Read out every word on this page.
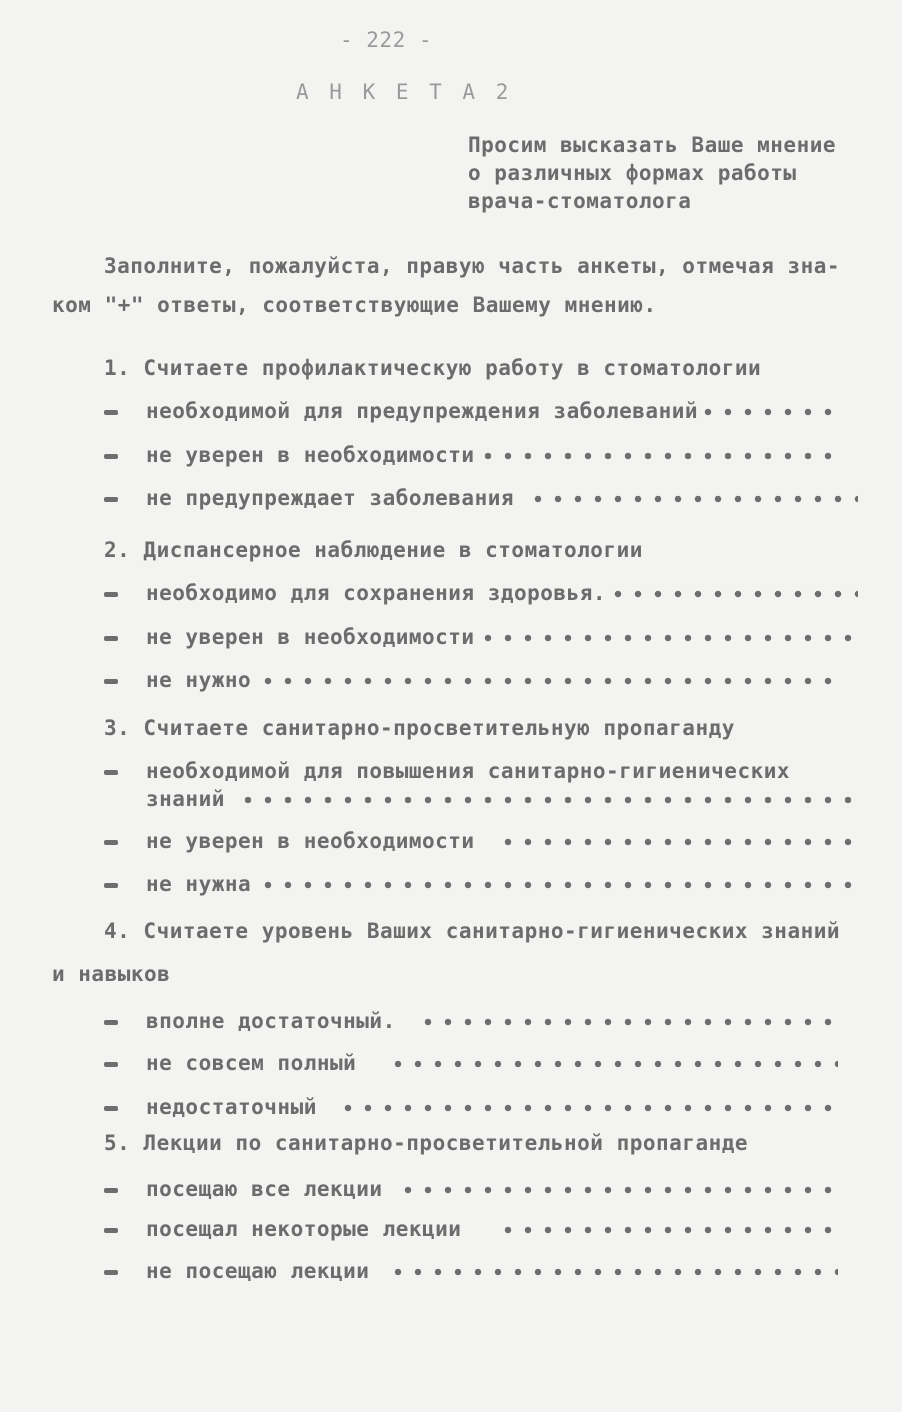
- 222 -
А Н К Е Т А 2
Просим высказать Ваше мнение
о различных формах работы
врача-стоматолога
Заполните, пожалуйста, правую часть анкеты, отмечая зна-
ком "+" ответы, соответствующие Вашему мнению.
1. Считаете профилактическую работу в стоматологии
необходимой для предупреждения заболеваний
не уверен в необходимости
не предупреждает заболевания
2. Диспансерное наблюдение в стоматологии
необходимо для сохранения здоровья.
не уверен в необходимости
не нужно
3. Считаете санитарно-просветительную пропаганду
необходимой для повышения санитарно-гигиенических
знаний
не уверен в необходимости
не нужна
4. Считаете уровень Ваших санитарно-гигиенических знаний
и навыков
вполне достаточный.
не совсем полный
недостаточный
5. Лекции по санитарно-просветительной пропаганде
посещаю все лекции
посещал некоторые лекции
не посещаю лекции
